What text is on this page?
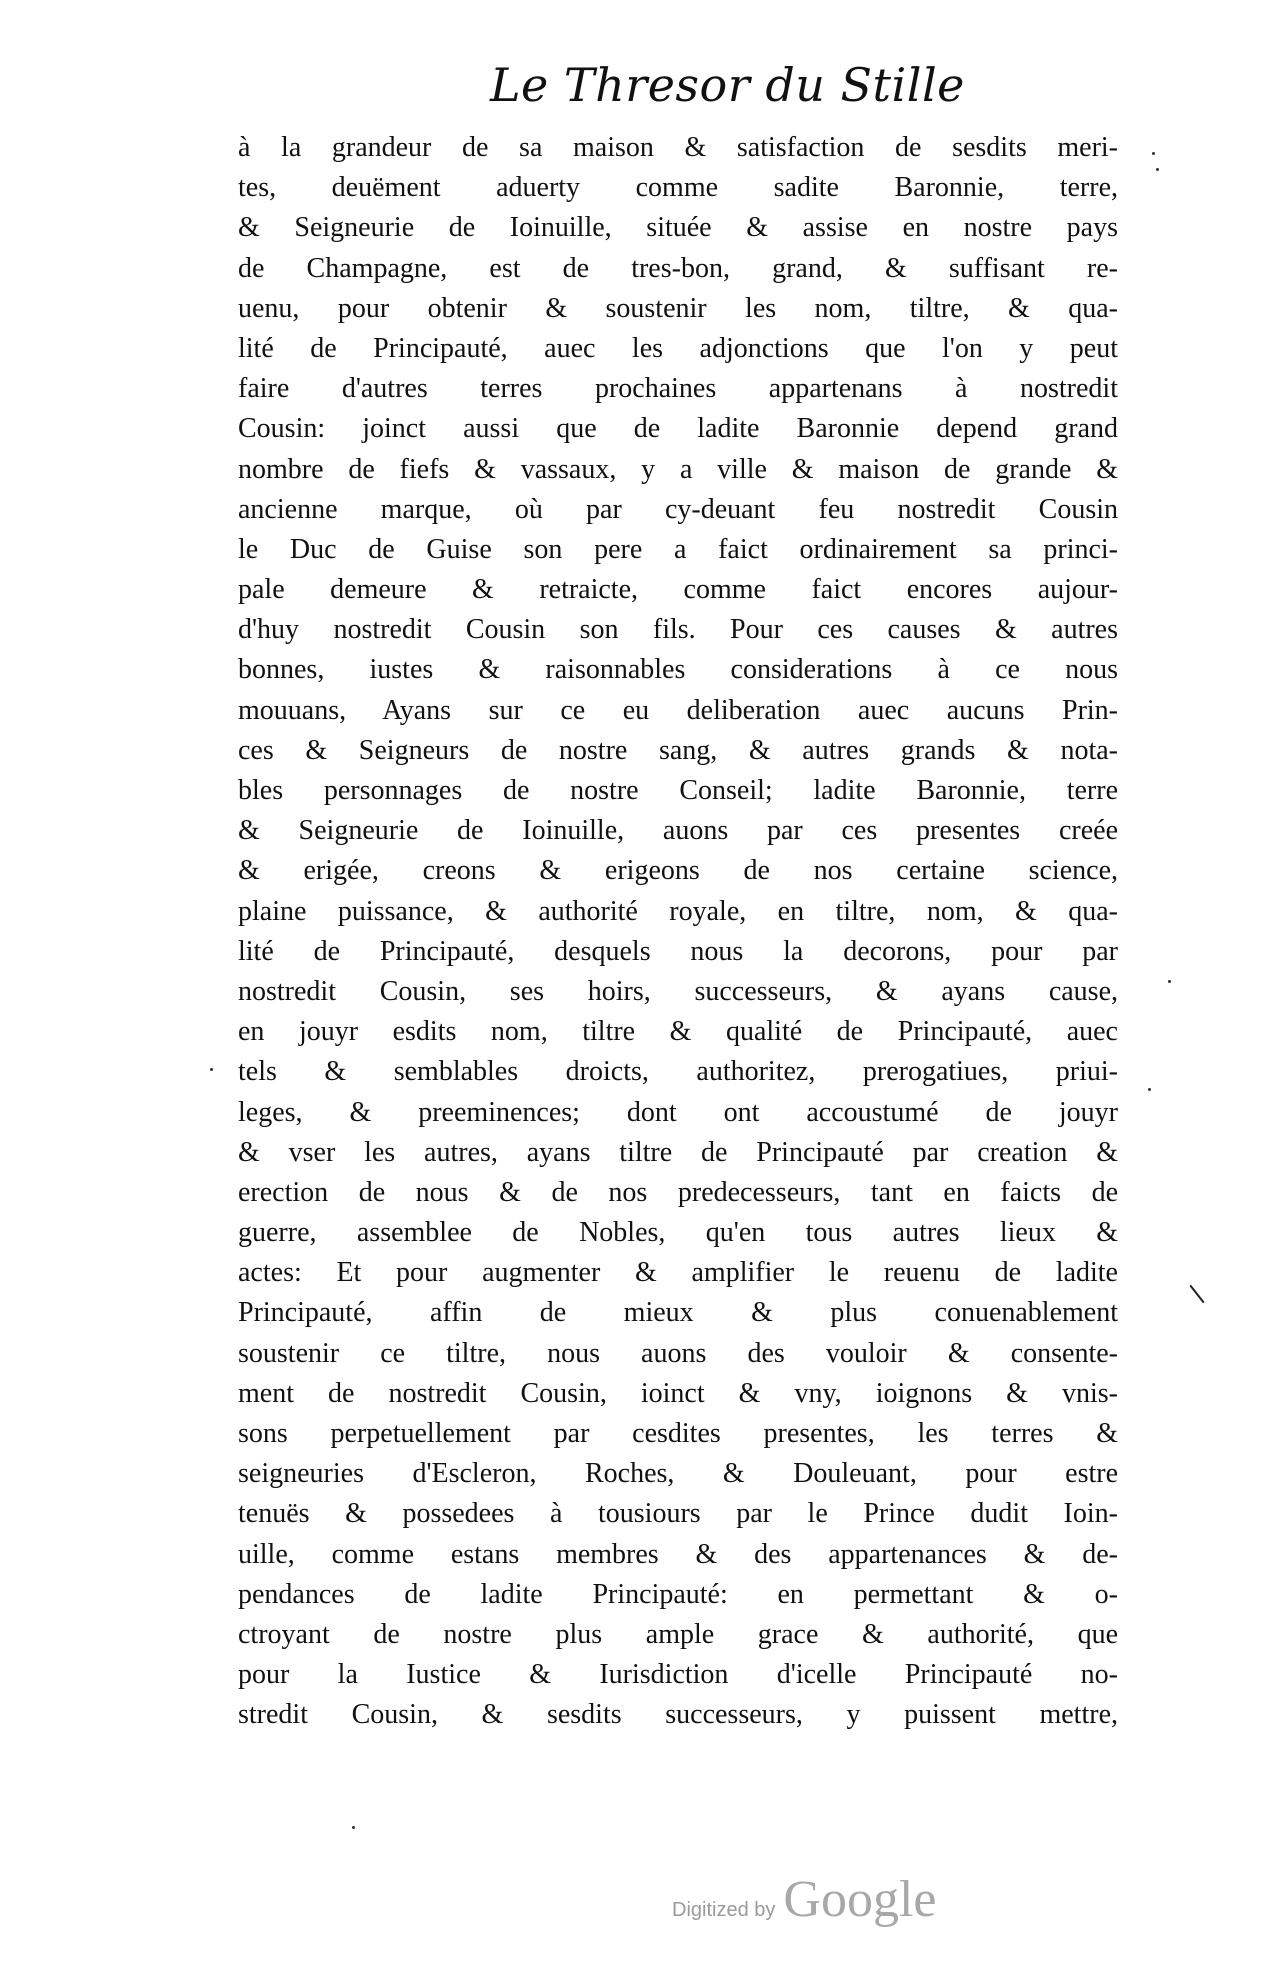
Le Thresor du Stille
à la grandeur de sa maison & satisfaction de sesdits meri-
tes, deuëment aduerty comme sadite Baronnie, terre,
& Seigneurie de Ioinuille, située & assise en nostre pays
de Champagne, est de tres-bon, grand, & suffisant re-
uenu, pour obtenir & soustenir les nom, tiltre, & qua-
lité de Principauté, auec les adjonctions que l'on y peut
faire d'autres terres prochaines appartenans à nostredit
Cousin: joinct aussi que de ladite Baronnie depend grand
nombre de fiefs & vassaux, y a ville & maison de grande &
ancienne marque, où par cy-deuant feu nostredit Cousin
le Duc de Guise son pere a faict ordinairement sa princi-
pale demeure & retraicte, comme faict encores aujour-
d'huy nostredit Cousin son fils. Pour ces causes & autres
bonnes, iustes & raisonnables considerations à ce nous
mouuans, Ayans sur ce eu deliberation auec aucuns Prin-
ces & Seigneurs de nostre sang, & autres grands & nota-
bles personnages de nostre Conseil; ladite Baronnie, terre
& Seigneurie de Ioinuille, auons par ces presentes creée
& erigée, creons & erigeons de nos certaine science,
plaine puissance, & authorité royale, en tiltre, nom, & qua-
lité de Principauté, desquels nous la decorons, pour par
nostredit Cousin, ses hoirs, successeurs, & ayans cause,
en jouyr esdits nom, tiltre & qualité de Principauté, auec
tels & semblables droicts, authoritez, prerogatiues, priui-
leges, & preeminences; dont ont accoustumé de jouyr
& vser les autres, ayans tiltre de Principauté par creation &
erection de nous & de nos predecesseurs, tant en faicts de
guerre, assemblee de Nobles, qu'en tous autres lieux &
actes: Et pour augmenter & amplifier le reuenu de ladite
Principauté, affin de mieux & plus conuenablement
soustenir ce tiltre, nous auons des vouloir & consente-
ment de nostredit Cousin, ioinct & vny, ioignons & vnis-
sons perpetuellement par cesdites presentes, les terres &
seigneuries d'Escleron, Roches, & Douleuant, pour estre
tenuës & possedees à tousiours par le Prince dudit Ioin-
uille, comme estans membres & des appartenances & de-
pendances de ladite Principauté: en permettant & o-
ctroyant de nostre plus ample grace & authorité, que
pour la Iustice & Iurisdiction d'icelle Principauté no-
stredit Cousin, & sesdits successeurs, y puissent mettre,
Digitized by Google
